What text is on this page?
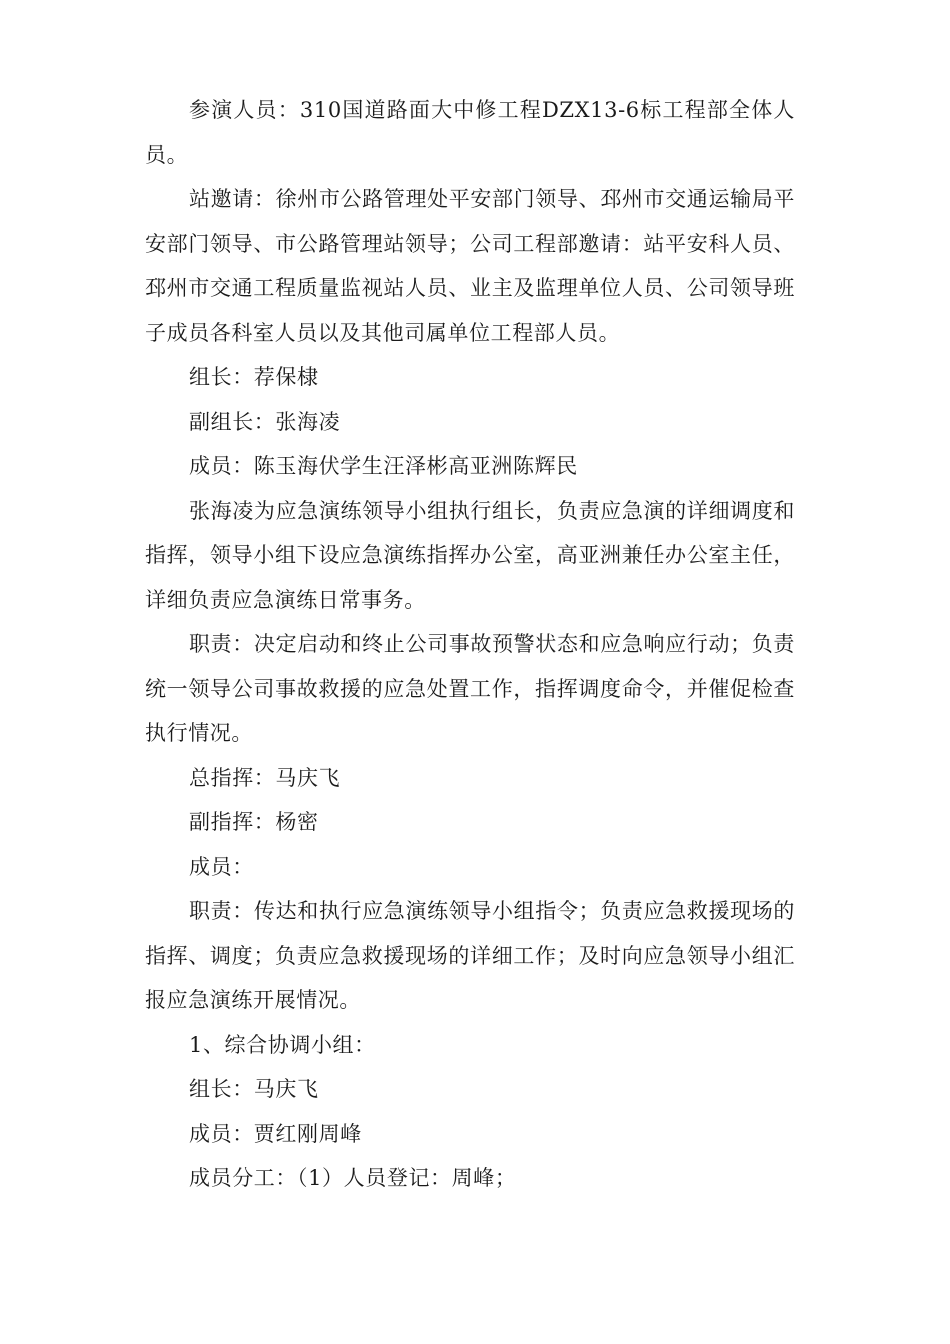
参演人员：310国道路面大中修工程DZX13-6标工程部全体人员。

站邀请：徐州市公路管理处平安部门领导、邳州市交通运输局平安部门领导、市公路管理站领导；公司工程部邀请：站平安科人员、邳州市交通工程质量监视站人员、业主及监理单位人员、公司领导班子成员各科室人员以及其他司属单位工程部人员。

组长：荐保棣

副组长：张海凌

成员：陈玉海伏学生汪泽彬高亚洲陈辉民

张海凌为应急演练领导小组执行组长，负责应急演的详细调度和指挥，领导小组下设应急演练指挥办公室，高亚洲兼任办公室主任，详细负责应急演练日常事务。

职责：决定启动和终止公司事故预警状态和应急响应行动；负责统一领导公司事故救援的应急处置工作，指挥调度命令，并催促检查执行情况。

总指挥：马庆飞

副指挥：杨密

成员：

职责：传达和执行应急演练领导小组指令；负责应急救援现场的指挥、调度；负责应急救援现场的详细工作；及时向应急领导小组汇报应急演练开展情况。

1、综合协调小组：

组长：马庆飞

成员：贾红刚周峰

成员分工：（1）人员登记：周峰；
